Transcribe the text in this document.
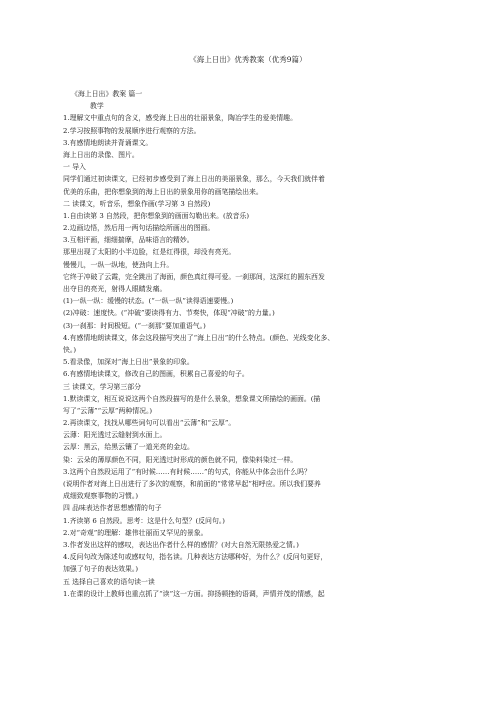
《海上日出》优秀教案（优秀9篇）
《海上日出》教案 篇一
教学
1.理解文中重点句的含义，感受海上日出的壮丽景象，陶冶学生的爱美情趣。
2.学习按照事物的发展顺序进行观察的方法。
3.有感情地朗读并背诵课文。
海上日出的录像、图片。
一 导入
同学们通过初读课文，已经初步感受到了海上日出的美丽景象，那么，今天我们就伴着
优美的乐曲，把你想象到的海上日出的景象用你的画笔描绘出来。
二 读课文，听音乐，想象作画(学习第 3 自然段)
1.自由读第 3 自然段，把你想象到的画面勾勒出来。(放音乐)
2.边画边悟，然后用一两句话描绘所画出的图画。
3.互相评画，细细揣摩，品味语言的精妙。
那里出现了太阳的小半边脸，红是红得很，却没有亮光。
慢慢儿，一纵一纵地，使劲向上升。
它终于冲破了云霞，完全跳出了海面，颜色真红得可爱。一刹那间，这深红的圆东西发
出夺目的亮光，射得人眼睛发痛。
(1)一纵一纵：缓慢的状态。(“一纵一纵”读得语速要慢。)
(2)冲破：速度快。(“冲破”要读得有力、节奏快，体现“冲破”的力量。)
(3)一刹那：时间极短。(“一刹那”要加重语气。)
4.有感情地朗读课文，体会这段描写突出了“海上日出”的什么特点。(颜色、光线变化多、
快。)
5.看录像，加深对“海上日出”景象的印象。
6.有感情地读课文，修改自己的图画，积累自己喜爱的句子。
三 读课文，学习第三部分
1.默读课文，相互说说这两个自然段描写的是什么景象，想象课文所描绘的画面。(描
写了“云薄”“云厚”两种情况。)
2.再读课文，找找从哪些词句可以看出“云薄”和“云厚”。
云薄：阳光透过云缝射到水面上。
云厚：黑云，给黑云镶了一道光亮的金边。
染：云朵的薄厚颜色不同，阳光透过时形成的颜色就不同，像染料染过一样。
3.这两个自然段运用了“有时候……有时候……”的句式，你能从中体会出什么吗？
(说明作者对海上日出进行了多次的观察，和前面的“常常早起”相呼应。所以我们要养
成细致观察事物的习惯。)
四 品味表达作者思想感情的句子
1.齐读第 6 自然段。思考：这是什么句型？(反问句。)
2.对“奇观”的理解：雄伟壮丽而又罕见的景象。
3.作者发出这样的感叹，表达出作者什么样的感情？(对大自然无限热爱之情。)
4.反问句改为陈述句或感叹句，指名读。几种表达方法哪种好，为什么？(反问句更好，
加强了句子的表达效果。)
五 选择自己喜欢的语句读一读
1.在课的设计上教师也重点抓了“读”这一方面。抑扬顿挫的语调，声情并茂的情感，起
